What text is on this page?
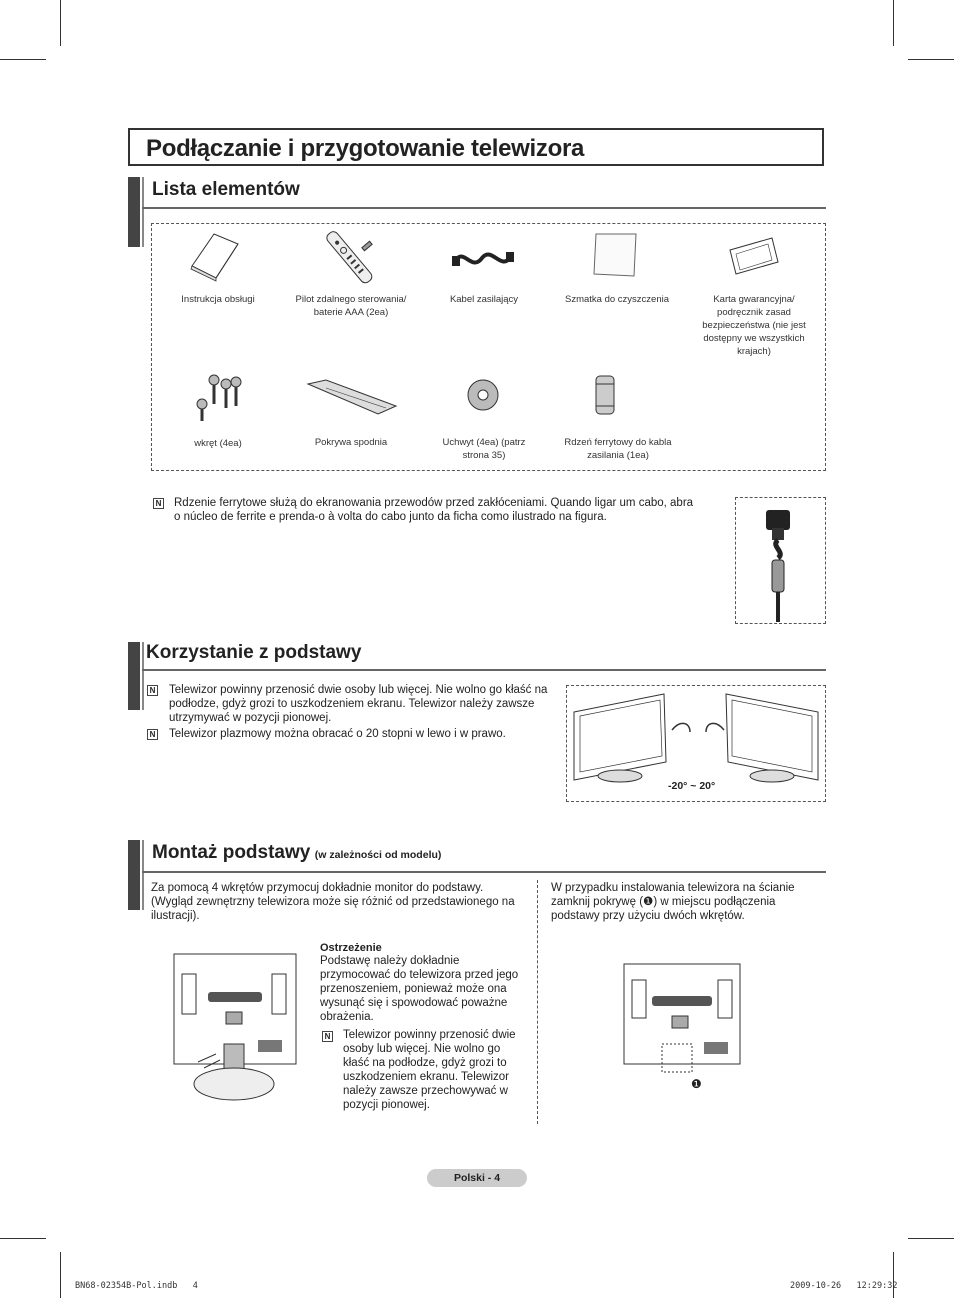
Podłączanie i przygotowanie telewizora
Lista elementów
Instrukcja obsługi	Pilot zdalnego sterowania/ baterie AAA (2ea)
Kabel zasilający	Szmatka do czyszczenia	Karta gwarancyjna/ podręcznik zasad bezpieczeństwa (nie jest dostępny we wszystkich krajach)
wkręt (4ea)	Pokrywa spodnia	Uchwyt (4ea) (patrz strona 35)
Rdzeń ferrytowy do kabla zasilania (1ea)
N Rdzenie ferrytowe służą do ekranowania przewodów przed zakłóceniami. Quando ligar um cabo, abra o núcleo de ferrite e prenda-o à volta do cabo junto da ficha como ilustrado na figura.
Korzystanie z podstawy
N Telewizor powinny przenosić dwie osoby lub więcej. Nie wolno go kłaść na podłodze, gdyż grozi to uszkodzeniem ekranu. Telewizor należy zawsze utrzymywać w pozycji pionowej.
N Telewizor plazmowy można obracać o 20 stopni w lewo i w prawo.
-20° ~ 20°
Montaż podstawy (w zależności od modelu)
Za pomocą 4 wkrętów przymocuj dokładnie monitor do podstawy. (Wygląd zewnętrzny telewizora może się różnić od przedstawionego na ilustracji).
W przypadku instalowania telewizora na ścianie zamknij pokrywę (❶) w miejscu podłączenia podstawy przy użyciu dwóch wkrętów.
Ostrzeżenie
Podstawę należy dokładnie przymocować do telewizora przed jego przenoszeniem, ponieważ może ona wysunąć się i spowodować poważne obrażenia.
N Telewizor powinny przenosić dwie osoby lub więcej. Nie wolno go kłaść na podłodze, gdyż grozi to uszkodzeniem ekranu. Telewizor należy zawsze przechowywać w pozycji pionowej.
❶
Polski - 4
BN68-02354B-Pol.indb   4	2009-10-26   12:29:32
